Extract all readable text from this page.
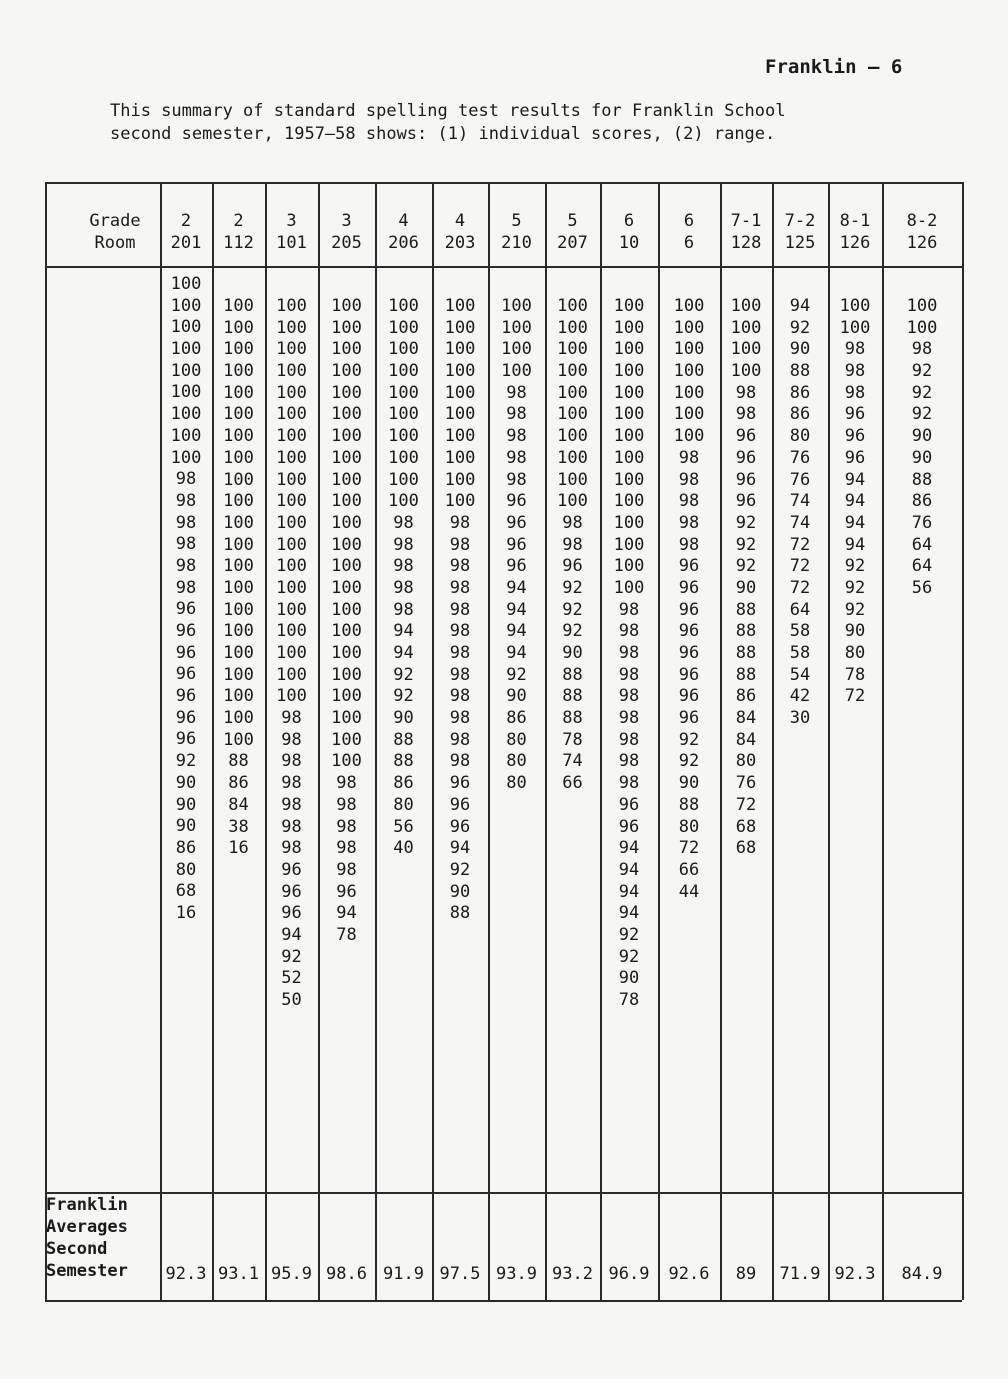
Franklin – 6
This summary of standard spelling test results for Franklin School
second semester, 1957–58 shows: (1) individual scores, (2) range.
Grade
Room
Franklin
Averages
Second
Semester
2
201
100
100
100
100
100
100
100
100
100
98
98
98
98
98
98
96
96
96
96
96
96
96
92
90
90
90
86
80
68
16
92.3
2
112
100
100
100
100
100
100
100
100
100
100
100
100
100
100
100
100
100
100
100
100
100
88
86
84
38
16
93.1
3
101
100
100
100
100
100
100
100
100
100
100
100
100
100
100
100
100
100
100
100
98
98
98
98
98
98
98
96
96
96
94
92
52
50
95.9
3
205
100
100
100
100
100
100
100
100
100
100
100
100
100
100
100
100
100
100
100
100
100
100
98
98
98
98
98
96
94
78
98.6
4
206
100
100
100
100
100
100
100
100
100
100
98
98
98
98
98
94
94
92
92
90
88
88
86
80
56
40
91.9
4
203
100
100
100
100
100
100
100
100
100
100
98
98
98
98
98
98
98
98
98
98
98
98
96
96
96
94
92
90
88
97.5
5
210
100
100
100
100
98
98
98
98
98
96
96
96
96
94
94
94
94
92
90
86
80
80
80
93.9
5
207
100
100
100
100
100
100
100
100
100
100
98
98
96
92
92
92
90
88
88
88
78
74
66
93.2
6
10
100
100
100
100
100
100
100
100
100
100
100
100
100
100
98
98
98
98
98
98
98
98
98
96
96
94
94
94
94
92
92
90
78
96.9
6
6
100
100
100
100
100
100
100
98
98
98
98
98
96
96
96
96
96
96
96
96
92
92
90
88
80
72
66
44
92.6
7-1
128
100
100
100
100
98
98
96
96
96
96
92
92
92
90
88
88
88
88
86
84
84
80
76
72
68
68
89
7-2
125
94
92
90
88
86
86
80
76
76
74
74
72
72
72
64
58
58
54
42
30
71.9
8-1
126
100
100
98
98
98
96
96
96
94
94
94
94
92
92
92
90
80
78
72
92.3
8-2
126
100
100
98
92
92
92
90
90
88
86
76
64
64
56
84.9
